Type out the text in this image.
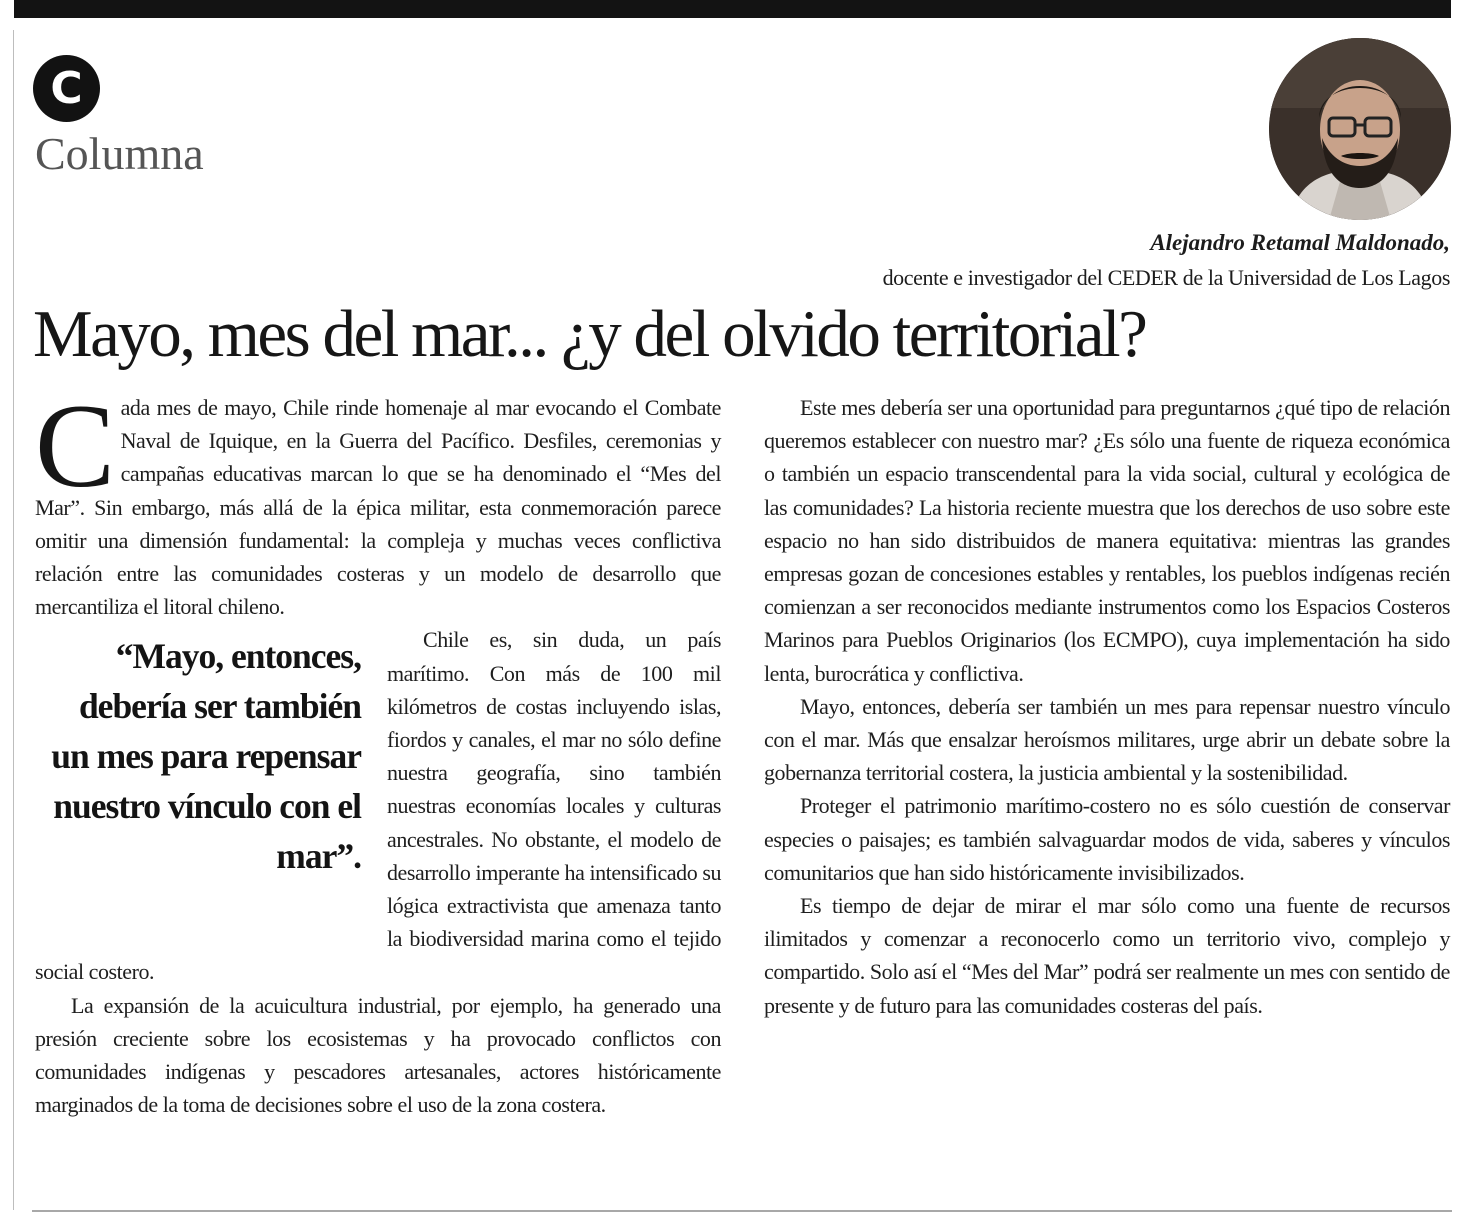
C
Columna
Alejandro Retamal Maldonado,
docente e investigador del CEDER de la Universidad de Los Lagos
Mayo, mes del mar... ¿y del olvido territorial?

Cada mes de mayo, Chile rinde homenaje al mar evocando el Combate Naval de Iquique, en la Guerra del Pacífico. Desfiles, ceremonias y campañas educativas marcan lo que se ha denominado el “Mes del Mar”. Sin embargo, más allá de la épica militar, esta conmemoración parece omitir una dimensión fundamental: la compleja y muchas veces conflictiva relación entre las comunidades costeras y un modelo de desarrollo que mercantiliza el litoral chileno.

“Mayo, entonces, debería ser también un mes para repensar nuestro vínculo con el mar”.

Chile es, sin duda, un país marítimo. Con más de 100 mil kilómetros de costas incluyendo islas, fiordos y canales, el mar no sólo define nuestra geografía, sino también nuestras economías locales y culturas ancestrales. No obstante, el modelo de desarrollo imperante ha intensificado su lógica extractivista que amenaza tanto la biodiversidad marina como el tejido social costero.

La expansión de la acuicultura industrial, por ejemplo, ha generado una presión creciente sobre los ecosistemas y ha provocado conflictos con comunidades indígenas y pescadores artesanales, actores históricamente marginados de la toma de decisiones sobre el uso de la zona costera.

Este mes debería ser una oportunidad para preguntarnos ¿qué tipo de relación queremos establecer con nuestro mar? ¿Es sólo una fuente de riqueza económica o también un espacio transcendental para la vida social, cultural y ecológica de las comunidades? La historia reciente muestra que los derechos de uso sobre este espacio no han sido distribuidos de manera equitativa: mientras las grandes empresas gozan de concesiones estables y rentables, los pueblos indígenas recién comienzan a ser reconocidos mediante instrumentos como los Espacios Costeros Marinos para Pueblos Originarios (los ECMPO), cuya implementación ha sido lenta, burocrática y conflictiva.

Mayo, entonces, debería ser también un mes para repensar nuestro vínculo con el mar. Más que ensalzar heroísmos militares, urge abrir un debate sobre la gobernanza territorial costera, la justicia ambiental y la sostenibilidad.

Proteger el patrimonio marítimo-costero no es sólo cuestión de conservar especies o paisajes; es también salvaguardar modos de vida, saberes y vínculos comunitarios que han sido históricamente invisibilizados.

Es tiempo de dejar de mirar el mar sólo como una fuente de recursos ilimitados y comenzar a reconocerlo como un territorio vivo, complejo y compartido. Solo así el “Mes del Mar” podrá ser realmente un mes con sentido de presente y de futuro para las comunidades costeras del país.
